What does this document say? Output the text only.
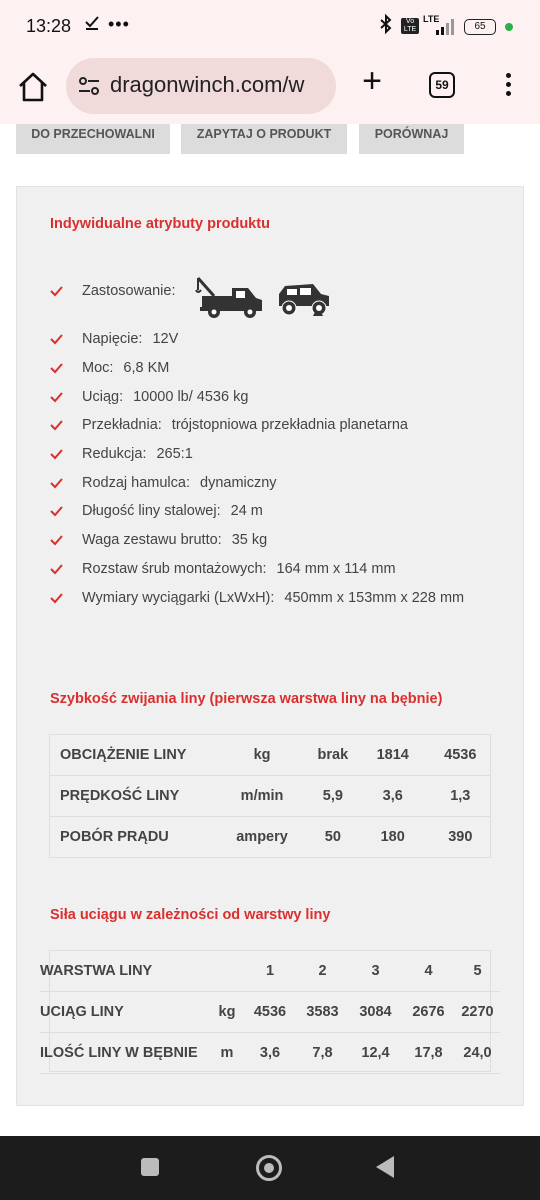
13:28 •••	Vo
LTE
LTE
65
dragonwinch.com/w +	59
DO PRZECHOWALNI	ZAPYTAJ O PRODUKT	PORÓWNAJ
Indywidualne atrybuty produktu
Zastosowanie:
Napięcie: 12V
Moc: 6,8 KM
Uciąg: 10000 lb/ 4536 kg
Przekładnia: trójstopniowa przekładnia planetarna
Redukcja: 265:1
Rodzaj hamulca: dynamiczny
Długość liny stalowej: 24 m
Waga zestawu brutto: 35 kg
Rozstaw śrub montażowych: 164 mm x 114 mm
Wymiary wyciągarki (LxWxH): 450mm x 153mm x 228 mm
Szybkość zwijania liny (pierwsza warstwa liny na bębnie)
OBCIĄŻENIE LINY	kg	brak	1814	4536
PRĘDKOŚĆ LINY	m/min	5,9	3,6	1,3
POBÓR PRĄDU	ampery	50	180	390
Siła uciągu w zależności od warstwy liny
WARSTWA LINY		1	2	3	4	5
UCIĄG LINY	kg	4536	3583	3084	2676	2270
ILOŚĆ LINY W BĘBNIE	m	3,6	7,8	12,4	17,8	24,0
